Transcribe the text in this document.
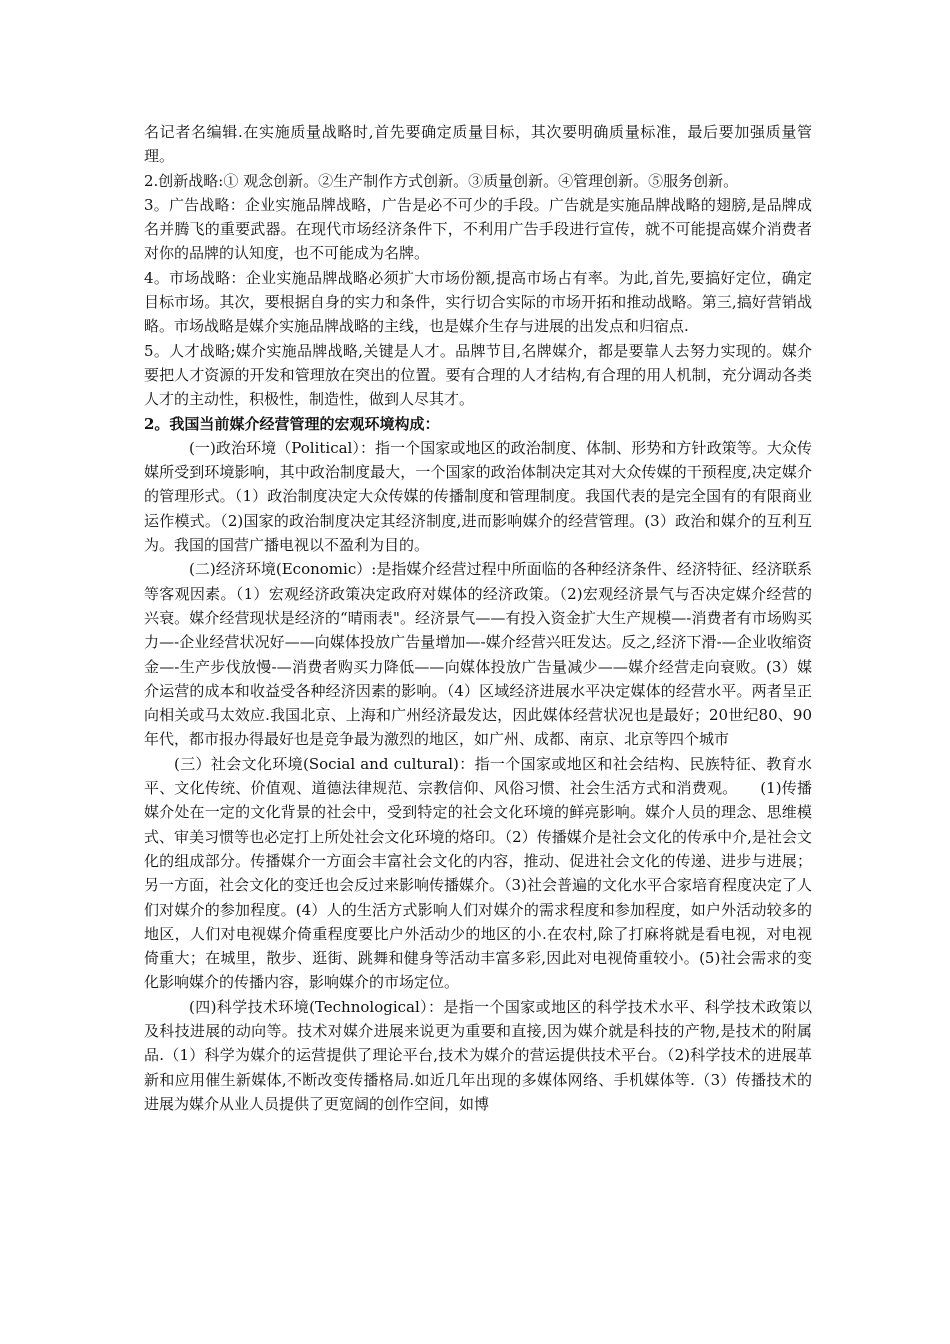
名记者名编辑.在实施质量战略时,首先要确定质量目标，其次要明确质量标准，最后要加强质量管理。

2.创新战略:① 观念创新。②生产制作方式创新。③质量创新。④管理创新。⑤服务创新。

3。广告战略：企业实施品牌战略，广告是必不可少的手段。广告就是实施品牌战略的翅膀,是品牌成名并腾飞的重要武器。在现代市场经济条件下，不利用广告手段进行宣传，就不可能提高媒介消费者对你的品牌的认知度，也不可能成为名牌。

4。市场战略：企业实施品牌战略必须扩大市场份额,提高市场占有率。为此,首先,要搞好定位，确定目标市场。其次，要根据自身的实力和条件，实行切合实际的市场开拓和推动战略。第三,搞好营销战略。市场战略是媒介实施品牌战略的主线，也是媒介生存与进展的出发点和归宿点.

5。人才战略;媒介实施品牌战略,关键是人才。品牌节目,名牌媒介，都是要靠人去努力实现的。媒介要把人才资源的开发和管理放在突出的位置。要有合理的人才结构,有合理的用人机制，充分调动各类人才的主动性，积极性，制造性，做到人尽其才。

2。我国当前媒介经营管理的宏观环境构成：

(一)政治环境（Political）：指一个国家或地区的政治制度、体制、形势和方针政策等。大众传媒所受到环境影响，其中政治制度最大，一个国家的政治体制决定其对大众传媒的干预程度,决定媒介的管理形式。（1）政治制度决定大众传媒的传播制度和管理制度。我国代表的是完全国有的有限商业运作模式。（2)国家的政治制度决定其经济制度,进而影响媒介的经营管理。(3）政治和媒介的互利互为。我国的国营广播电视以不盈利为目的。

(二)经济环境(Economic）:是指媒介经营过程中所面临的各种经济条件、经济特征、经济联系等客观因素。（1）宏观经济政策决定政府对媒体的经济政策。（2)宏观经济景气与否决定媒介经营的兴衰。媒介经营现状是经济的“晴雨表"。经济景气——有投入资金扩大生产规模—-消费者有市场购买力—-企业经营状况好——向媒体投放广告量增加—-媒介经营兴旺发达。反之,经济下滑-—企业收缩资金—-生产步伐放慢-—消费者购买力降低——向媒体投放广告量减少——媒介经营走向衰败。(3）媒介运营的成本和收益受各种经济因素的影响。（4）区域经济进展水平决定媒体的经营水平。两者呈正向相关或马太效应.我国北京、上海和广州经济最发达，因此媒体经营状况也是最好；20世纪80、90年代，都市报办得最好也是竞争最为激烈的地区，如广州、成都、南京、北京等四个城市

(三）社会文化环境(Social and cultural)：指一个国家或地区和社会结构、民族特征、教育水平、文化传统、价值观、道德法律规范、宗教信仰、风俗习惯、社会生活方式和消费观。　　(1)传播媒介处在一定的文化背景的社会中，受到特定的社会文化环境的鲜亮影响。媒介人员的理念、思维模式、审美习惯等也必定打上所处社会文化环境的烙印。（2）传播媒介是社会文化的传承中介,是社会文化的组成部分。传播媒介一方面会丰富社会文化的内容，推动、促进社会文化的传递、进步与进展；另一方面，社会文化的变迁也会反过来影响传播媒介。（3)社会普遍的文化水平合家培育程度决定了人们对媒介的参加程度。(4）人的生活方式影响人们对媒介的需求程度和参加程度，如户外活动较多的地区，人们对电视媒介倚重程度要比户外活动少的地区的小.在农村,除了打麻将就是看电视，对电视倚重大；在城里，散步、逛街、跳舞和健身等活动丰富多彩,因此对电视倚重较小。(5)社会需求的变化影响媒介的传播内容，影响媒介的市场定位。

(四)科学技术环境(Technological）：是指一个国家或地区的科学技术水平、科学技术政策以及科技进展的动向等。技术对媒介进展来说更为重要和直接,因为媒介就是科技的产物,是技术的附属品.（1）科学为媒介的运营提供了理论平台,技术为媒介的营运提供技术平台。（2)科学技术的进展革新和应用催生新媒体,不断改变传播格局.如近几年出现的多媒体网络、手机媒体等.（3）传播技术的进展为媒介从业人员提供了更宽阔的创作空间，如博
